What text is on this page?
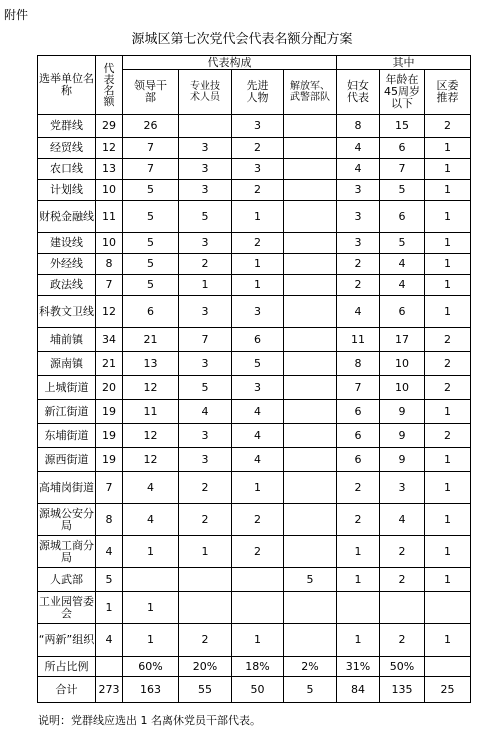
附件
源城区第七次党代会代表名额分配方案
选举单位名称	代表名额	代表构成				其中		

		领导干部	专业技术人员	先进人物	解放军、武警部队	妇女代表	年龄在45周岁以下	区委推荐

党群线	29	26		3		8	15	2
经贸线	12	7	3	2		4	6	1
农口线	13	7	3	3		4	7	1
计划线	10	5	3	2		3	5	1
财税金融线	11	5	5	1		3	6	1
建设线	10	5	3	2		3	5	1
外经线	8	5	2	1		2	4	1
政法线	7	5	1	1		2	4	1
科教文卫线	12	6	3	3		4	6	1
埔前镇	34	21	7	6		11	17	2
源南镇	21	13	3	5		8	10	2
上城街道	20	12	5	3		7	10	2
新江街道	19	11	4	4		6	9	1
东埔街道	19	12	3	4		6	9	2
源西街道	19	12	3	4		6	9	1
高埔岗街道	7	4	2	1		2	3	1
源城公安分局	8	4	2	2		2	4	1
源城工商分局	4	1	1	2		1	2	1
人武部	5				5	1	2	1
工业园管委会	1	1						
“两新”组织	4	1	2	1		1	2	1
所占比例		60%	20%	18%	2%	31%	50%	
合计	273	163	55	50	5	84	135	25
说明：党群线应选出 1 名离休党员干部代表。
